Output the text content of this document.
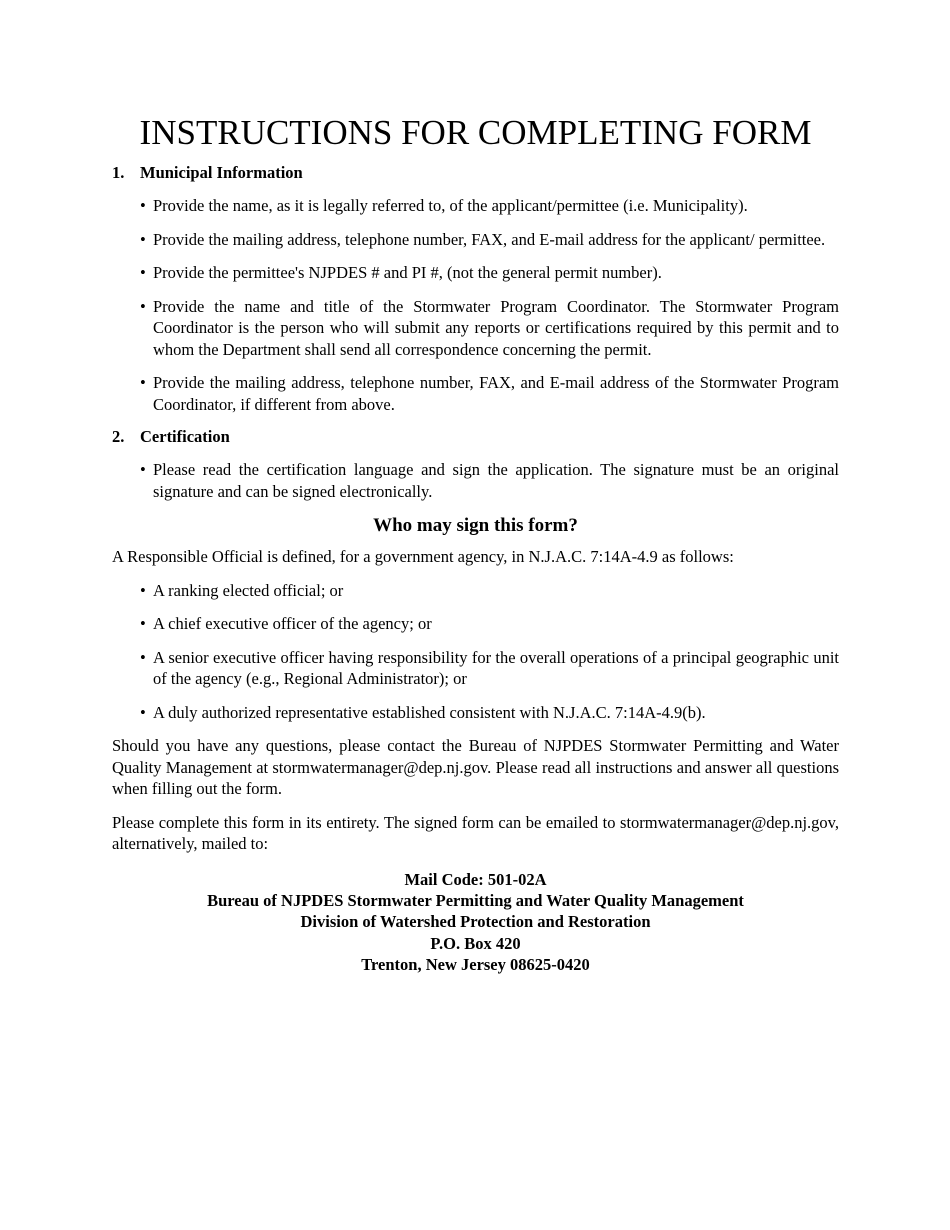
INSTRUCTIONS FOR COMPLETING FORM
1. Municipal Information
• Provide the name, as it is legally referred to, of the applicant/permittee (i.e. Municipality).
• Provide the mailing address, telephone number, FAX, and E-mail address for the applicant/ permittee.
• Provide the permittee's NJPDES # and PI #, (not the general permit number).
• Provide the name and title of the Stormwater Program Coordinator. The Stormwater Program Coordinator is the person who will submit any reports or certifications required by this permit and to whom the Department shall send all correspondence concerning the permit.
• Provide the mailing address, telephone number, FAX, and E-mail address of the Stormwater Program Coordinator, if different from above.
2. Certification
• Please read the certification language and sign the application. The signature must be an original signature and can be signed electronically.
Who may sign this form?

A Responsible Official is defined, for a government agency, in N.J.A.C. 7:14A-4.9 as follows:

• A ranking elected official; or
• A chief executive officer of the agency; or
• A senior executive officer having responsibility for the overall operations of a principal geographic unit of the agency (e.g., Regional Administrator); or
• A duly authorized representative established consistent with N.J.A.C. 7:14A-4.9(b).

Should you have any questions, please contact the Bureau of NJPDES Stormwater Permitting and Water Quality Management at stormwatermanager@dep.nj.gov. Please read all instructions and answer all questions when filling out the form.

Please complete this form in its entirety. The signed form can be emailed to stormwatermanager@dep.nj.gov, alternatively, mailed to:

Mail Code: 501-02A
Bureau of NJPDES Stormwater Permitting and Water Quality Management
Division of Watershed Protection and Restoration
P.O. Box 420
Trenton, New Jersey 08625-0420
